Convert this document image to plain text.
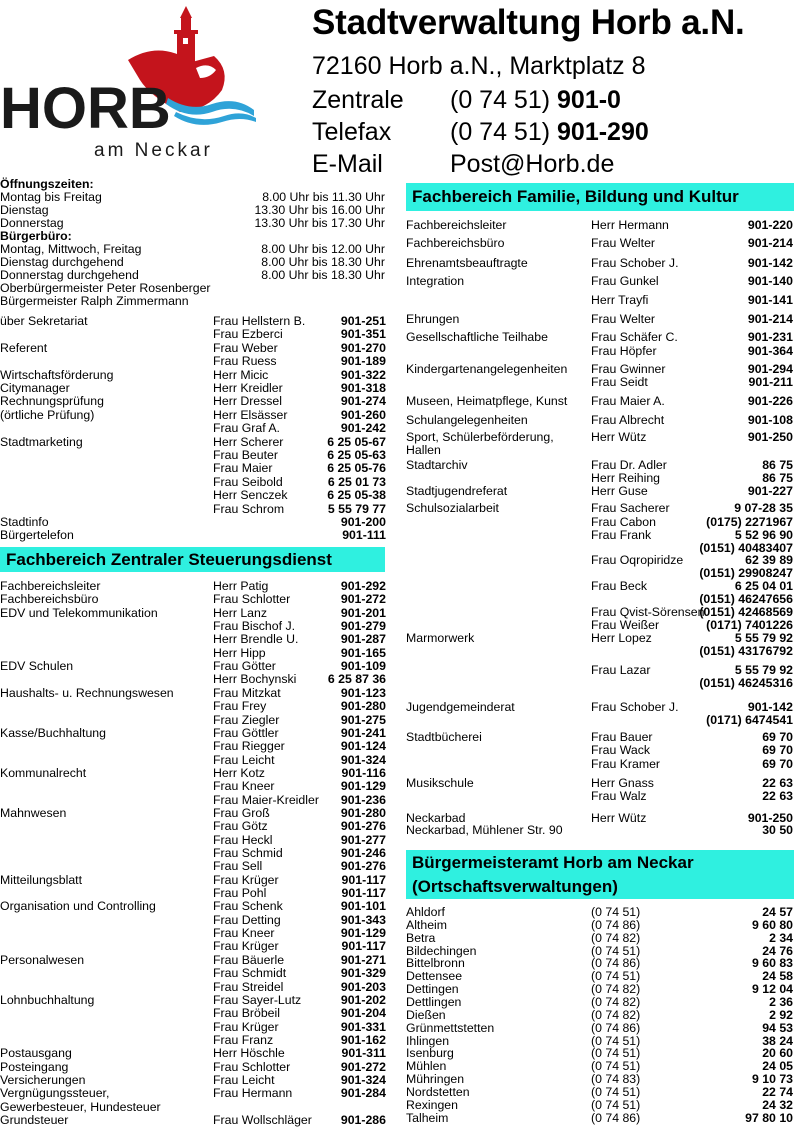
HORB
am Neckar
Stadtverwaltung Horb a.N.
72160 Horb a.N., Marktplatz 8
Zentrale (0 74 51) 901-0
Telefax (0 74 51) 901-290
E-Mail	Post@Horb.de
Öffnungszeiten:
Montag bis Freitag	8.00 Uhr bis 11.30 Uhr
Dienstag	13.30 Uhr bis 16.00 Uhr
Donnerstag	13.30 Uhr bis 17.30 Uhr
Bürgerbüro:
Montag, Mittwoch, Freitag	8.00 Uhr bis 12.00 Uhr
Dienstag durchgehend	8.00 Uhr bis 18.30 Uhr
Donnerstag durchgehend	8.00 Uhr bis 18.30 Uhr
Oberbürgermeister Peter Rosenberger
Bürgermeister Ralph Zimmermann
über Sekretariat	Frau Hellstern B.	901-251
Frau Ezberci	901-351
Referent	Frau Weber	901-270
Frau Ruess	901-189
Wirtschaftsförderung	Herr Micic	901-322
Citymanager	Herr Kreidler	901-318
Rechnungsprüfung	Herr Dressel	901-274
(örtliche Prüfung)	Herr Elsässer	901-260
Frau Graf A.	901-242
Stadtmarketing	Herr Scherer	6 25 05-67
Frau Beuter	6 25 05-63
Frau Maier	6 25 05-76
Frau Seibold	6 25 01 73
Herr Senczek	6 25 05-38
Frau Schrom	5 55 79 77
Stadtinfo	901-200
Bürgertelefon	901-111
Fachbereich Zentraler Steuerungsdienst
Fachbereichsleiter	Herr Patig	901-292
Fachbereichsbüro	Frau Schlotter	901-272
EDV und Telekommunikation	Herr Lanz	901-201
Frau Bischof J.	901-279
Herr Brendle U.	901-287
Herr Hipp	901-165
EDV Schulen	Frau Götter	901-109
Herr Bochynski	6 25 87 36
Haushalts- u. Rechnungswesen	Frau Mitzkat	901-123
Frau Frey	901-280
Frau Ziegler	901-275
Kasse/Buchhaltung	Frau Göttler	901-241
Frau Riegger	901-124
Frau Leicht	901-324
Kommunalrecht	Herr Kotz	901-116
Frau Kneer	901-129
Frau Maier-Kreidler	901-236
Mahnwesen	Frau Groß	901-280
Frau Götz	901-276
Frau Heckl	901-277
Frau Schmid	901-246
Frau Sell	901-276
Mitteilungsblatt	Frau Krüger	901-117
Frau Pohl	901-117
Organisation und Controlling	Frau Schenk	901-101
Frau Detting	901-343
Frau Kneer	901-129
Frau Krüger	901-117
Personalwesen	Frau Bäuerle	901-271
Frau Schmidt	901-329
Frau Streidel	901-203
Lohnbuchhaltung	Frau Sayer-Lutz	901-202
Frau Bröbeil	901-204
Frau Krüger	901-331
Frau Franz	901-162
Postausgang	Herr Höschle	901-311
Posteingang	Frau Schlotter	901-272
Versicherungen	Frau Leicht	901-324
Vergnügungssteuer,	Frau Hermann	901-284
Gewerbesteuer, Hundesteuer
Grundsteuer	Frau Wollschläger	901-286
Fachbereich Familie, Bildung und Kultur
Fachbereichsleiter	Herr Hermann	901-220
Fachbereichsbüro	Frau Welter	901-214
Ehrenamtsbeauftragte	Frau Schober J.	901-142
Integration	Frau Gunkel	901-140
Herr Trayfi	901-141
Ehrungen	Frau Welter	901-214
Gesellschaftliche Teilhabe	Frau Schäfer C.	901-231
Frau Höpfer	901-364
Kindergartenangelegenheiten Frau Gwinner	901-294
Frau Seidt	901-211
Museen, Heimatpflege, Kunst Frau Maier A.	901-226
Schulangelegenheiten	Frau Albrecht	901-108
Sport, Schülerbeförderung,	Herr Wütz	901-250
Hallen
Stadtarchiv	Frau Dr. Adler	86 75
Herr Reihing	86 75
Stadtjugendreferat	Herr Guse	901-227
Schulsozialarbeit	Frau Sacherer	9 07-28 35
Frau Cabon	(0175) 2271967
Frau Frank	5 52 96 90
(0151) 40483407
Frau Oqropiridze	62 39 89
(0151) 29908247
Frau Beck	6 25 04 01
(0151) 46247656
Frau Qvist-Sörensen
(0151) 42468569
Frau Weißer	(0171) 7401226
Marmorwerk	Herr Lopez	5 55 79 92
(0151) 43176792
Frau Lazar	5 55 79 92
(0151) 46245316
Jugendgemeinderat	Frau Schober J.	901-142
(0171) 6474541
Stadtbücherei	Frau Bauer	69 70
Frau Wack	69 70
Frau Kramer	69 70
Musikschule	Herr Gnass	22 63
Frau Walz	22 63
Neckarbad	Herr Wütz	901-250
Neckarbad, Mühlener Str. 90	30 50
Bürgermeisteramt Horb am Neckar
(Ortschaftsverwaltungen)
Ahldorf	(0 74 51)	24 57
Altheim	(0 74 86)	9 60 80
Betra	(0 74 82)	2 34
Bildechingen	(0 74 51)	24 76
Bittelbronn	(0 74 86)	9 60 83
Dettensee	(0 74 51)	24 58
Dettingen	(0 74 82)	9 12 04
Dettlingen	(0 74 82)	2 36
Dießen	(0 74 82)	2 92
Grünmettstetten	(0 74 86)	94 53
Ihlingen	(0 74 51)	38 24
Isenburg	(0 74 51)	20 60
Mühlen	(0 74 51)	24 05
Mühringen	(0 74 83)	9 10 73
Nordstetten	(0 74 51)	22 74
Rexingen	(0 74 51)	24 32
Talheim	(0 74 86)	97 80 10
